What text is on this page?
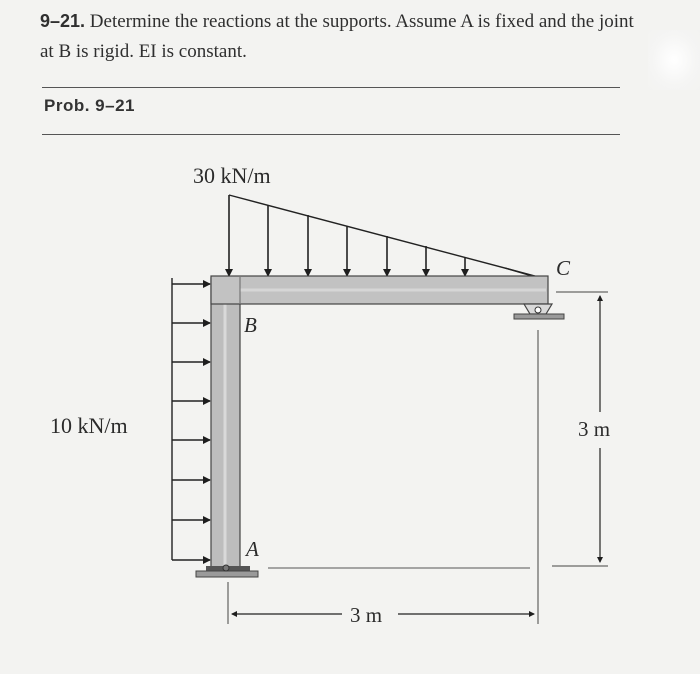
9–21. Determine the reactions at the supports. Assume A is fixed and the joint at B is rigid. EI is constant.
Prob. 9–21
30 kN/m
10 kN/m
B
A
C
3 m
3 m
